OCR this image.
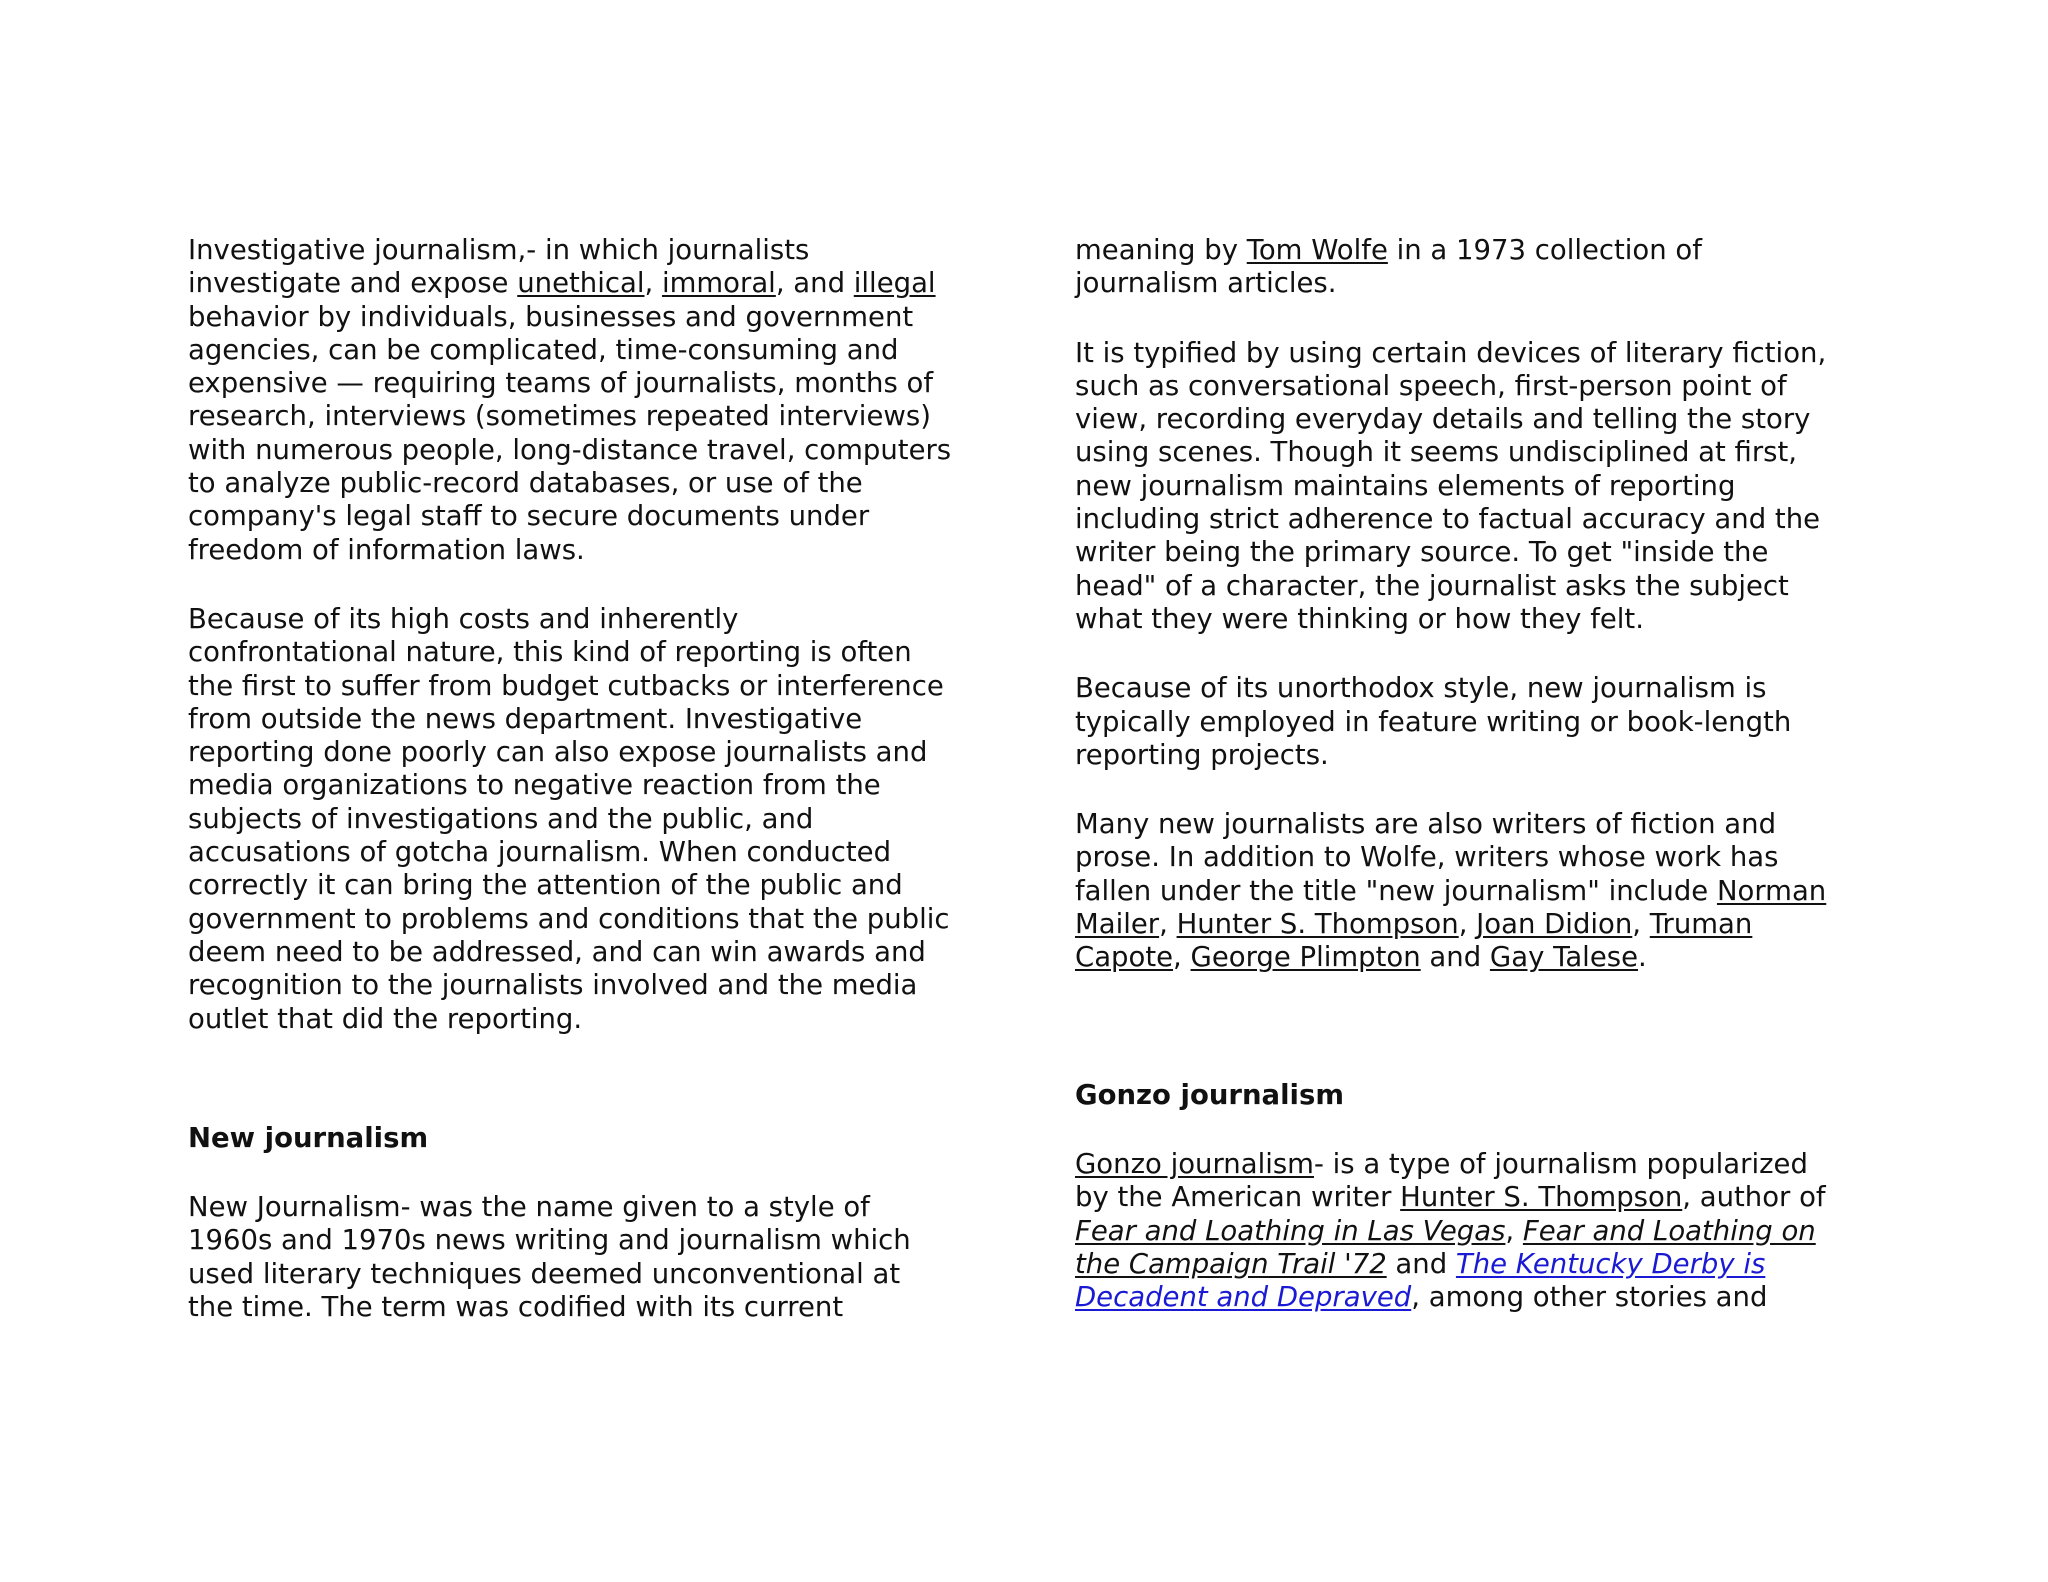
Investigative journalism,- in which journalists
investigate and expose unethical, immoral, and illegal
behavior by individuals, businesses and government
agencies, can be complicated, time-consuming and
expensive — requiring teams of journalists, months of
research, interviews (sometimes repeated interviews)
with numerous people, long-distance travel, computers
to analyze public-record databases, or use of the
company's legal staff to secure documents under
freedom of information laws.
Because of its high costs and inherently
confrontational nature, this kind of reporting is often
the first to suffer from budget cutbacks or interference
from outside the news department. Investigative
reporting done poorly can also expose journalists and
media organizations to negative reaction from the
subjects of investigations and the public, and
accusations of gotcha journalism. When conducted
correctly it can bring the attention of the public and
government to problems and conditions that the public
deem need to be addressed, and can win awards and
recognition to the journalists involved and the media
outlet that did the reporting.
New journalism
New Journalism- was the name given to a style of
1960s and 1970s news writing and journalism which
used literary techniques deemed unconventional at
the time. The term was codified with its current
meaning by Tom Wolfe in a 1973 collection of
journalism articles.
It is typified by using certain devices of literary fiction,
such as conversational speech, first-person point of
view, recording everyday details and telling the story
using scenes. Though it seems undisciplined at first,
new journalism maintains elements of reporting
including strict adherence to factual accuracy and the
writer being the primary source. To get "inside the
head" of a character, the journalist asks the subject
what they were thinking or how they felt.
Because of its unorthodox style, new journalism is
typically employed in feature writing or book-length
reporting projects.
Many new journalists are also writers of fiction and
prose. In addition to Wolfe, writers whose work has
fallen under the title "new journalism" include Norman
Mailer, Hunter S. Thompson, Joan Didion, Truman
Capote, George Plimpton and Gay Talese.
Gonzo journalism
Gonzo journalism- is a type of journalism popularized
by the American writer Hunter S. Thompson, author of
Fear and Loathing in Las Vegas, Fear and Loathing on
the Campaign Trail '72 and The Kentucky Derby is
Decadent and Depraved, among other stories and
